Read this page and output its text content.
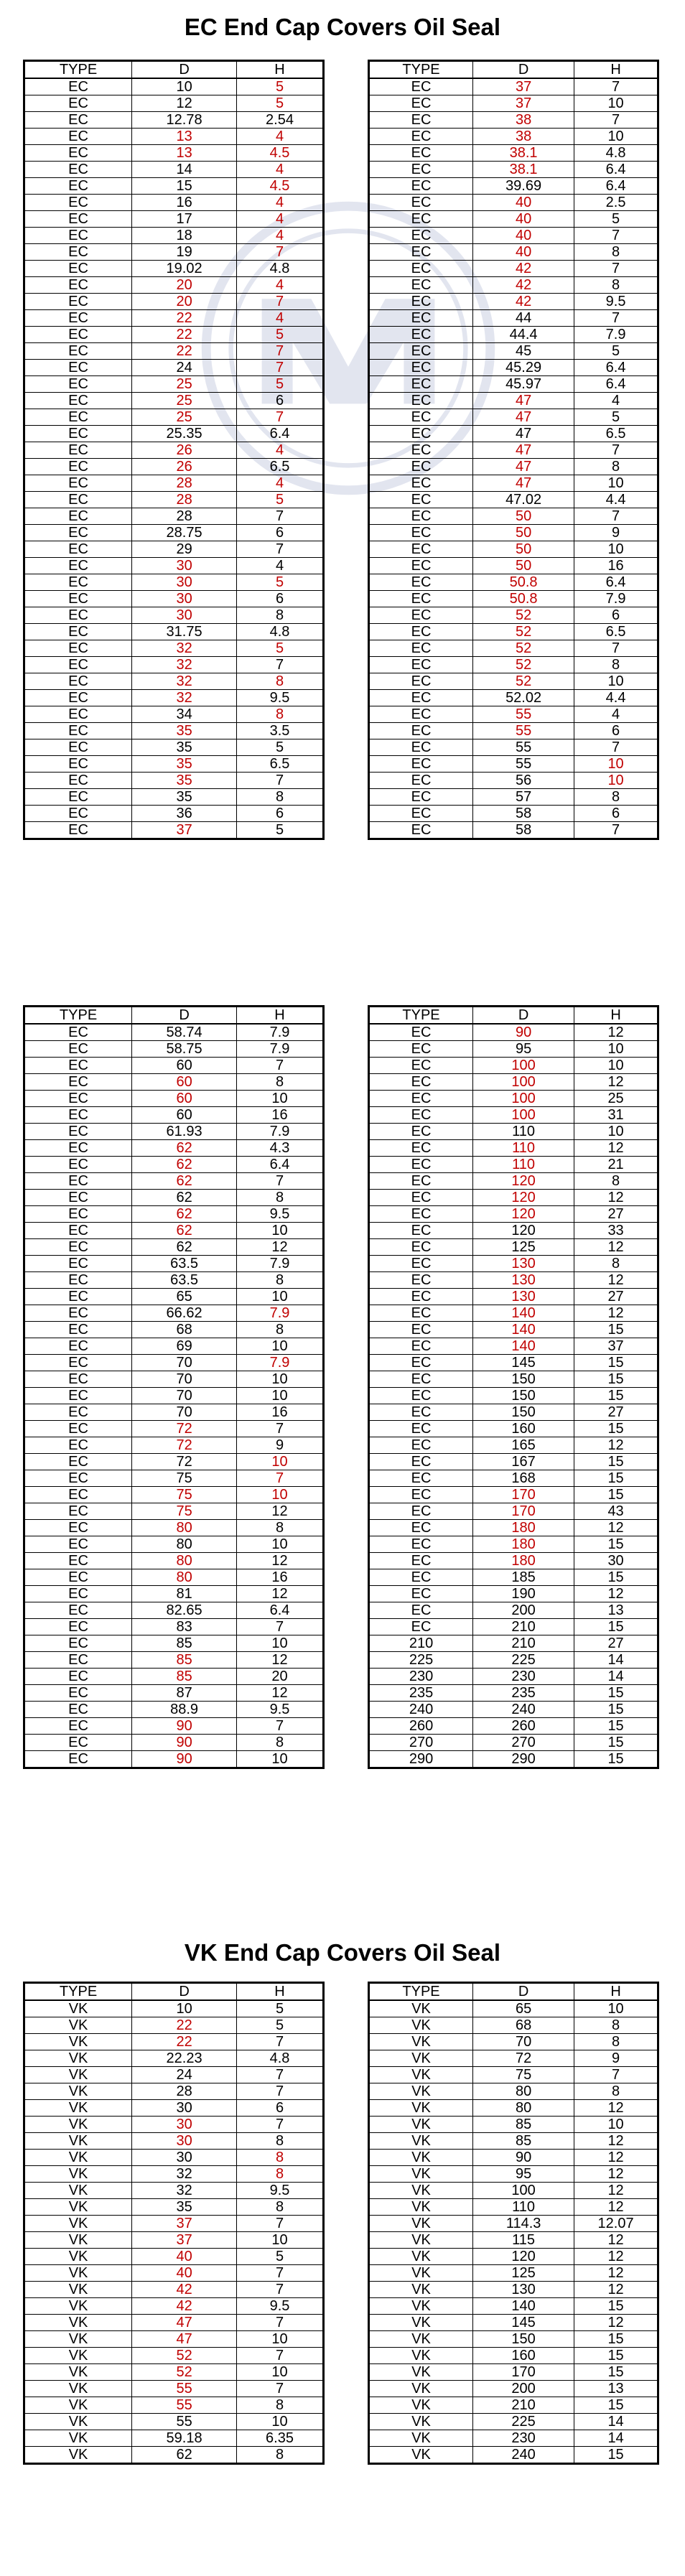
EC End Cap Covers Oil Seal
VK End Cap Covers Oil Seal
TYPE	D	H
EC	10	5
EC	12	5
EC	12.78	2.54
EC	13	4
EC	13	4.5
EC	14	4
EC	15	4.5
EC	16	4
EC	17	4
EC	18	4
EC	19	7
EC	19.02	4.8
EC	20	4
EC	20	7
EC	22	4
EC	22	5
EC	22	7
EC	24	7
EC	25	5
EC	25	6
EC	25	7
EC	25.35	6.4
EC	26	4
EC	26	6.5
EC	28	4
EC	28	5
EC	28	7
EC	28.75	6
EC	29	7
EC	30	4
EC	30	5
EC	30	6
EC	30	8
EC	31.75	4.8
EC	32	5
EC	32	7
EC	32	8
EC	32	9.5
EC	34	8
EC	35	3.5
EC	35	5
EC	35	6.5
EC	35	7
EC	35	8
EC	36	6
EC	37	5
TYPE	D	H
EC	37	7
EC	37	10
EC	38	7
EC	38	10
EC	38.1	4.8
EC	38.1	6.4
EC	39.69	6.4
EC	40	2.5
EC	40	5
EC	40	7
EC	40	8
EC	42	7
EC	42	8
EC	42	9.5
EC	44	7
EC	44.4	7.9
EC	45	5
EC	45.29	6.4
EC	45.97	6.4
EC	47	4
EC	47	5
EC	47	6.5
EC	47	7
EC	47	8
EC	47	10
EC	47.02	4.4
EC	50	7
EC	50	9
EC	50	10
EC	50	16
EC	50.8	6.4
EC	50.8	7.9
EC	52	6
EC	52	6.5
EC	52	7
EC	52	8
EC	52	10
EC	52.02	4.4
EC	55	4
EC	55	6
EC	55	7
EC	55	10
EC	56	10
EC	57	8
EC	58	6
EC	58	7
TYPE	D	H
EC	58.74	7.9
EC	58.75	7.9
EC	60	7
EC	60	8
EC	60	10
EC	60	16
EC	61.93	7.9
EC	62	4.3
EC	62	6.4
EC	62	7
EC	62	8
EC	62	9.5
EC	62	10
EC	62	12
EC	63.5	7.9
EC	63.5	8
EC	65	10
EC	66.62	7.9
EC	68	8
EC	69	10
EC	70	7.9
EC	70	10
EC	70	10
EC	70	16
EC	72	7
EC	72	9
EC	72	10
EC	75	7
EC	75	10
EC	75	12
EC	80	8
EC	80	10
EC	80	12
EC	80	16
EC	81	12
EC	82.65	6.4
EC	83	7
EC	85	10
EC	85	12
EC	85	20
EC	87	12
EC	88.9	9.5
EC	90	7
EC	90	8
EC	90	10
TYPE	D	H
EC	90	12
EC	95	10
EC	100	10
EC	100	12
EC	100	25
EC	100	31
EC	110	10
EC	110	12
EC	110	21
EC	120	8
EC	120	12
EC	120	27
EC	120	33
EC	125	12
EC	130	8
EC	130	12
EC	130	27
EC	140	12
EC	140	15
EC	140	37
EC	145	15
EC	150	15
EC	150	15
EC	150	27
EC	160	15
EC	165	12
EC	167	15
EC	168	15
EC	170	15
EC	170	43
EC	180	12
EC	180	15
EC	180	30
EC	185	15
EC	190	12
EC	200	13
EC	210	15
210	210	27
225	225	14
230	230	14
235	235	15
240	240	15
260	260	15
270	270	15
290	290	15
TYPE	D	H
VK	10	5
VK	22	5
VK	22	7
VK	22.23	4.8
VK	24	7
VK	28	7
VK	30	6
VK	30	7
VK	30	8
VK	30	8
VK	32	8
VK	32	9.5
VK	35	8
VK	37	7
VK	37	10
VK	40	5
VK	40	7
VK	42	7
VK	42	9.5
VK	47	7
VK	47	10
VK	52	7
VK	52	10
VK	55	7
VK	55	8
VK	55	10
VK	59.18	6.35
VK	62	8
TYPE	D	H
VK	65	10
VK	68	8
VK	70	8
VK	72	9
VK	75	7
VK	80	8
VK	80	12
VK	85	10
VK	85	12
VK	90	12
VK	95	12
VK	100	12
VK	110	12
VK	114.3	12.07
VK	115	12
VK	120	12
VK	125	12
VK	130	12
VK	140	15
VK	145	12
VK	150	15
VK	160	15
VK	170	15
VK	200	13
VK	210	15
VK	225	14
VK	230	14
VK	240	15
